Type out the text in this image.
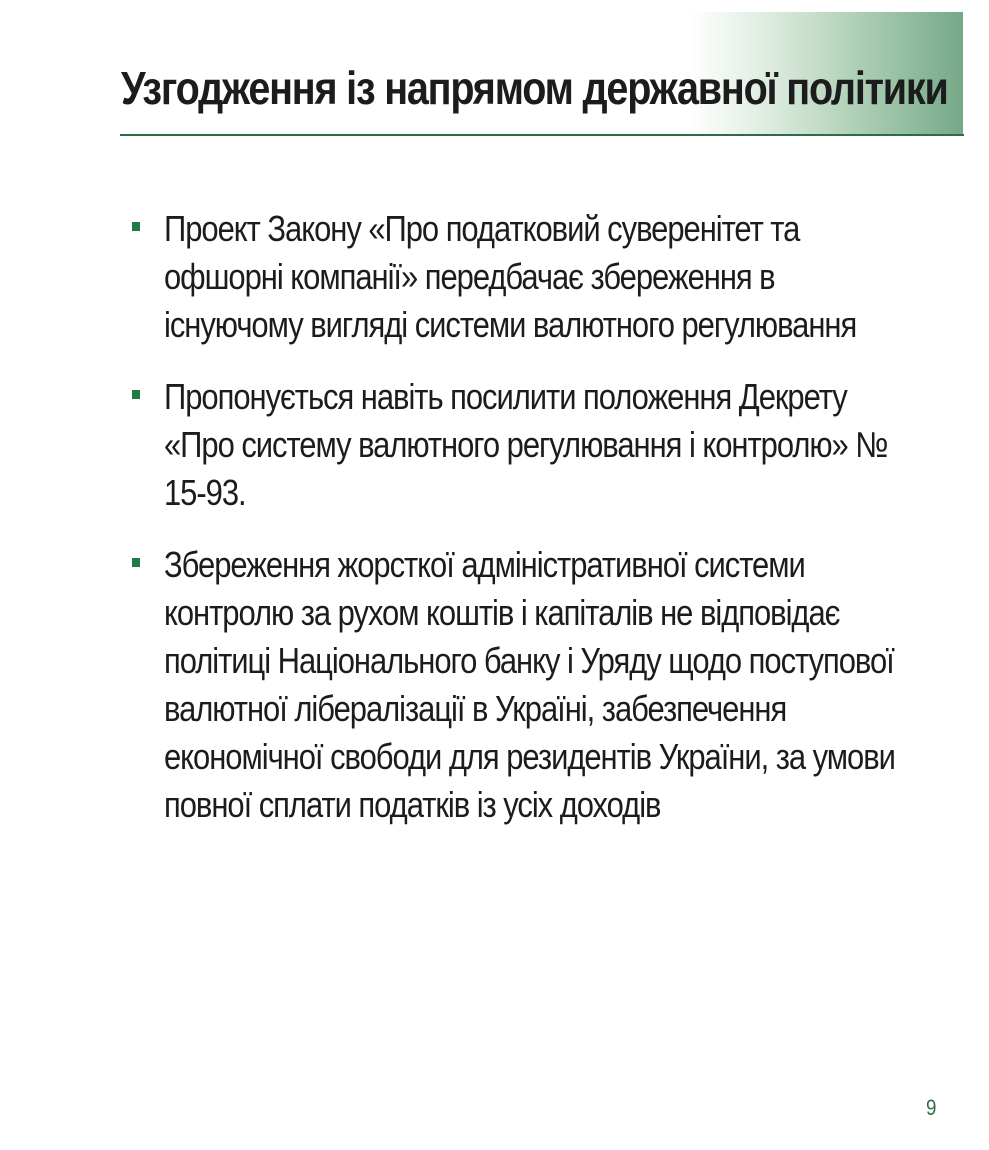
Узгодження із напрямом державної політики
Проект Закону «Про податковий суверенітет та офшорні компанії» передбачає збереження в існуючому вигляді системи валютного регулювання
Пропонується навіть посилити положення Декрету «Про систему валютного регулювання і контролю» № 15-93.
Збереження жорсткої адміністративної системи контролю за рухом коштів і капіталів не відповідає політиці Національного банку і Уряду щодо поступової валютної лібералізації в Україні, забезпечення економічної свободи для резидентів України, за умови повної сплати податків із усіх доходів
9
